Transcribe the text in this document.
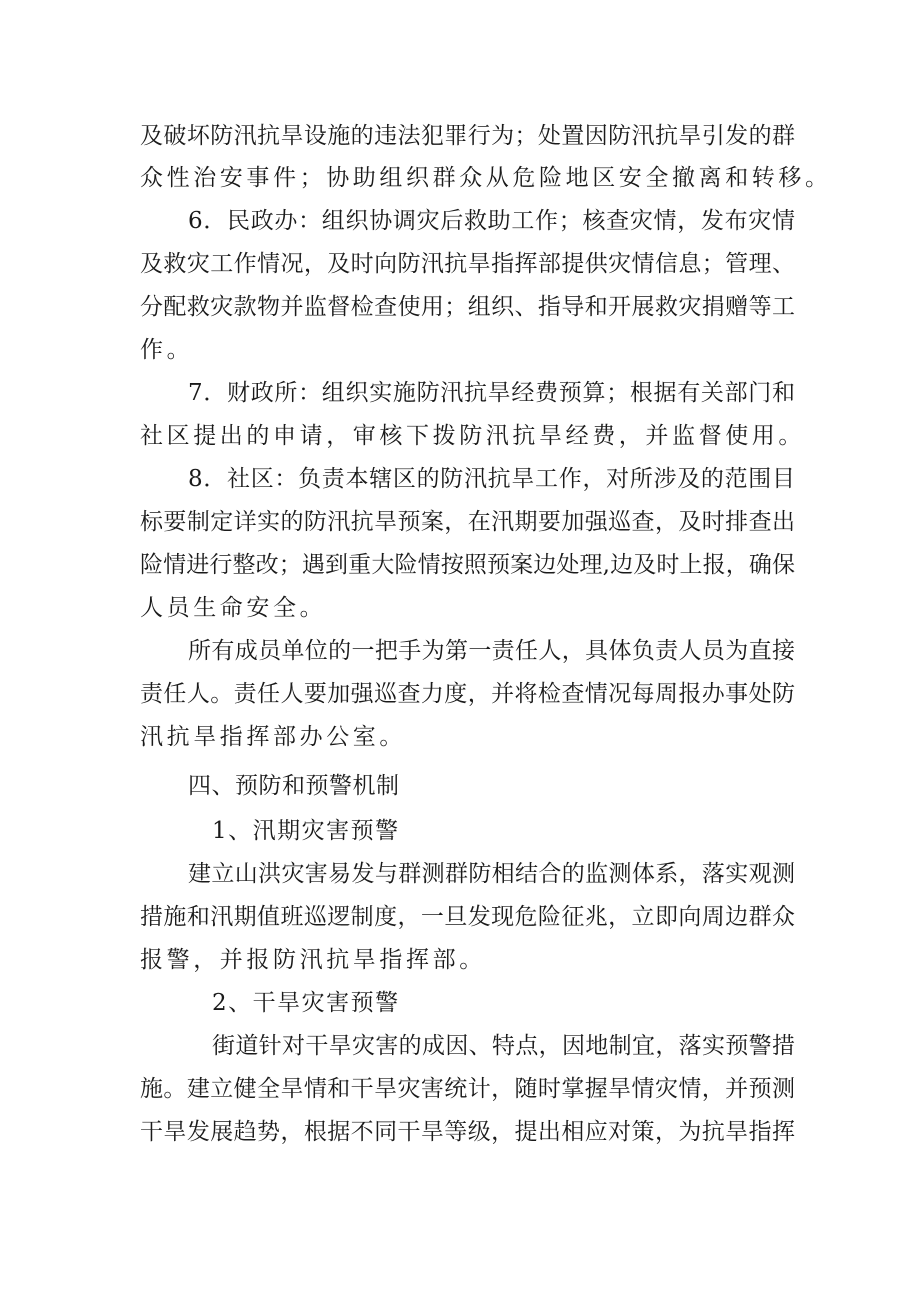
及破坏防汛抗旱设施的违法犯罪行为；处置因防汛抗旱引发的群
众性治安事件；协助组织群众从危险地区安全撤离和转移。
6．民政办：组织协调灾后救助工作；核查灾情，发布灾情
及救灾工作情况，及时向防汛抗旱指挥部提供灾情信息；管理、
分配救灾款物并监督检查使用；组织、指导和开展救灾捐赠等工
作。
7．财政所：组织实施防汛抗旱经费预算；根据有关部门和
社区提出的申请，审核下拨防汛抗旱经费，并监督使用。
8．社区：负责本辖区的防汛抗旱工作，对所涉及的范围目
标要制定详实的防汛抗旱预案，在汛期要加强巡查，及时排查出
险情进行整改；遇到重大险情按照预案边处理,边及时上报，确保
人员生命安全。
所有成员单位的一把手为第一责任人，具体负责人员为直接
责任人。责任人要加强巡查力度，并将检查情况每周报办事处防
汛抗旱指挥部办公室。
四、预防和预警机制
1、汛期灾害预警
建立山洪灾害易发与群测群防相结合的监测体系，落实观测
措施和汛期值班巡逻制度，一旦发现危险征兆，立即向周边群众
报警，并报防汛抗旱指挥部。
2、干旱灾害预警
街道针对干旱灾害的成因、特点，因地制宜，落实预警措
施。建立健全旱情和干旱灾害统计，随时掌握旱情灾情，并预测
干旱发展趋势，根据不同干旱等级，提出相应对策，为抗旱指挥
